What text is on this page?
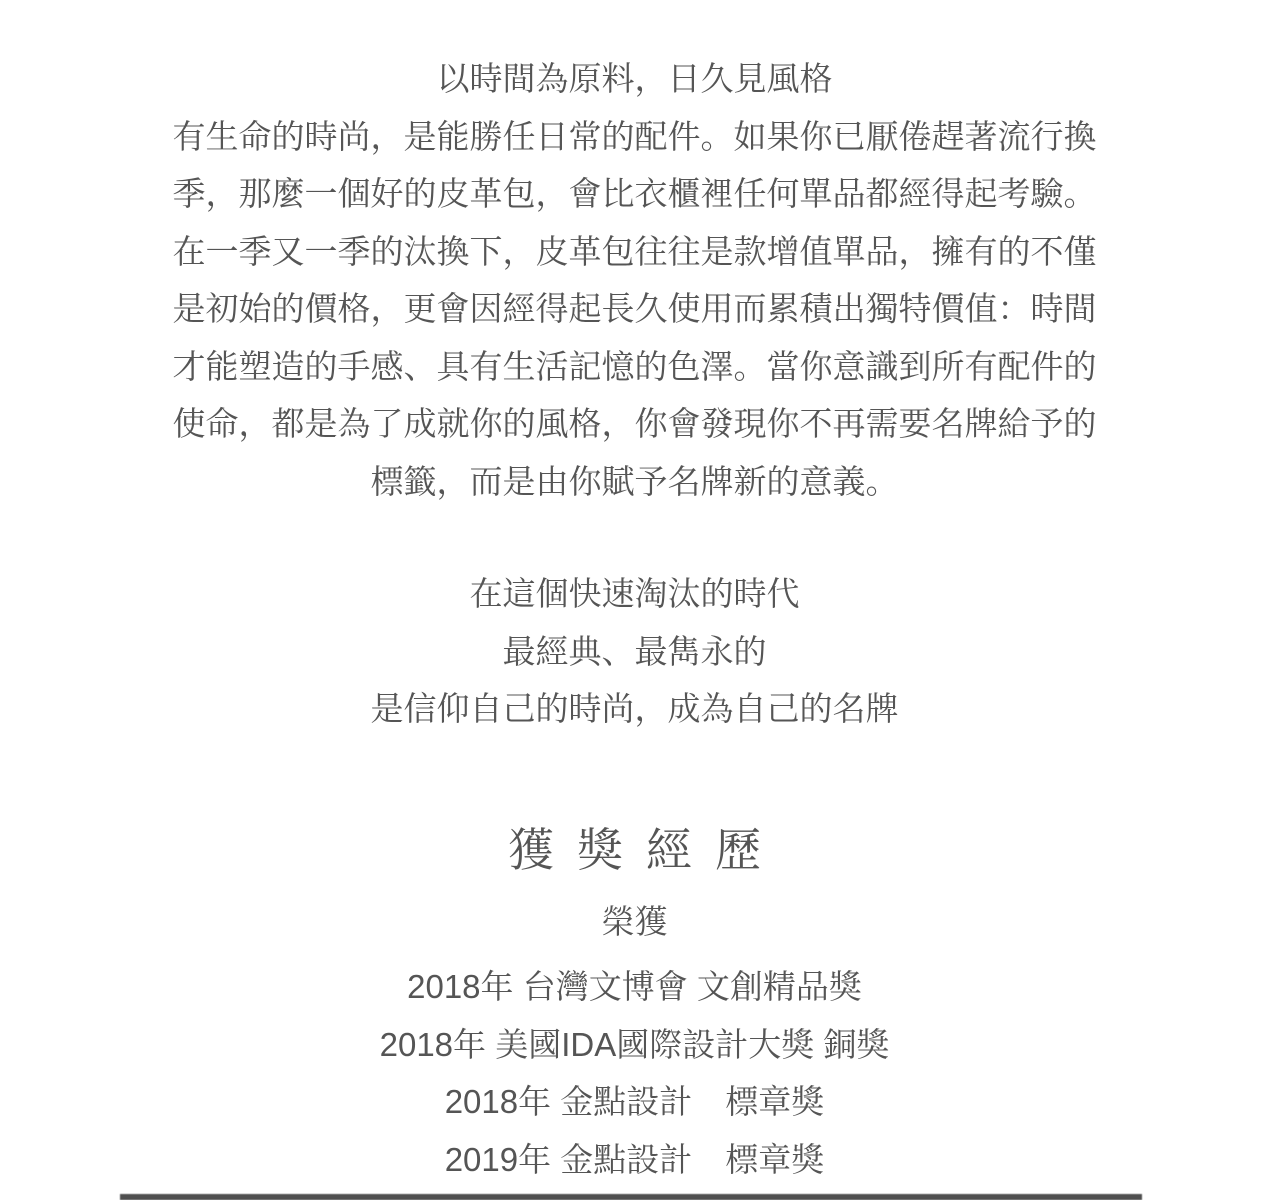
以時間為原料，日久見風格
有生命的時尚，是能勝任日常的配件。如果你已厭倦趕著流行換
季，那麼一個好的皮革包，會比衣櫃裡任何單品都經得起考驗。
在一季又一季的汰換下，皮革包往往是款增值單品，擁有的不僅
是初始的價格，更會因經得起長久使用而累積出獨特價值：時間
才能塑造的手感、具有生活記憶的色澤。當你意識到所有配件的
使命，都是為了成就你的風格，你會發現你不再需要名牌給予的
標籤，而是由你賦予名牌新的意義。
在這個快速淘汰的時代
最經典、最雋永的
是信仰自己的時尚，成為自己的名牌
獲獎經歷
榮獲
2018年 台灣文博會 文創精品獎
2018年 美國IDA國際設計大獎 銅獎
2018年 金點設計　標章獎
2019年 金點設計　標章獎
